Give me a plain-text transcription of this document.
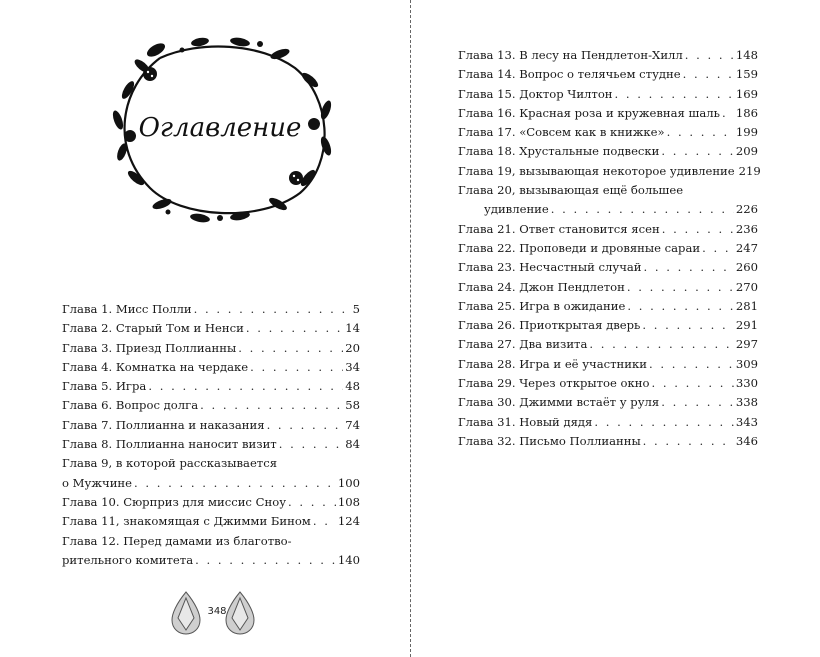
Оглавление
Глава 1. Мисс Полли . . .	5
Глава 2. Старый Том и Ненси . . .	14
Глава 3. Приезд Поллианны . . .	20
Глава 4. Комнатка на чердаке . . .	34
Глава 5. Игра . . .	48
Глава 6. Вопрос долга . . .	58
Глава 7. Поллианна и наказания . . .	74
Глава 8. Поллианна наносит визит . . .	84
Глава 9, в которой рассказывается
о Мужчине . . .	100
Глава 10. Сюрприз для миссис Сноу . . .	108
Глава 11, знакомящая с Джимми Бином . . . 124
Глава 12. Перед дамами из благотво-
рительного комитета . . .	140
348
Глава 13. В лесу на Пендлетон-Хилл . . .	148
Глава 14. Вопрос о телячьем студне . . .	159
Глава 15. Доктор Чилтон . . .	169
Глава 16. Красная роза и кружевная шаль . . . 186
Глава 17. «Совсем как в книжке» . . .	199
Глава 18. Хрустальные подвески . . .	209
Глава 19, вызывающая некоторое удивление 219
Глава 20, вызывающая ещё большее
удивление . . .	226
Глава 21. Ответ становится ясен . . .	236
Глава 22. Проповеди и дровяные сараи . . .	247
Глава 23. Несчастный случай . . .	260
Глава 24. Джон Пендлетон . . .	270
Глава 25. Игра в ожидание . . .	281
Глава 26. Приоткрытая дверь . . .	291
Глава 27. Два визита . . .	297
Глава 28. Игра и её участники . . .	309
Глава 29. Через открытое окно . . .	330
Глава 30. Джимми встаёт у руля . . .	338
Глава 31. Новый дядя . . .	343
Глава 32. Письмо Поллианны . . .	346
